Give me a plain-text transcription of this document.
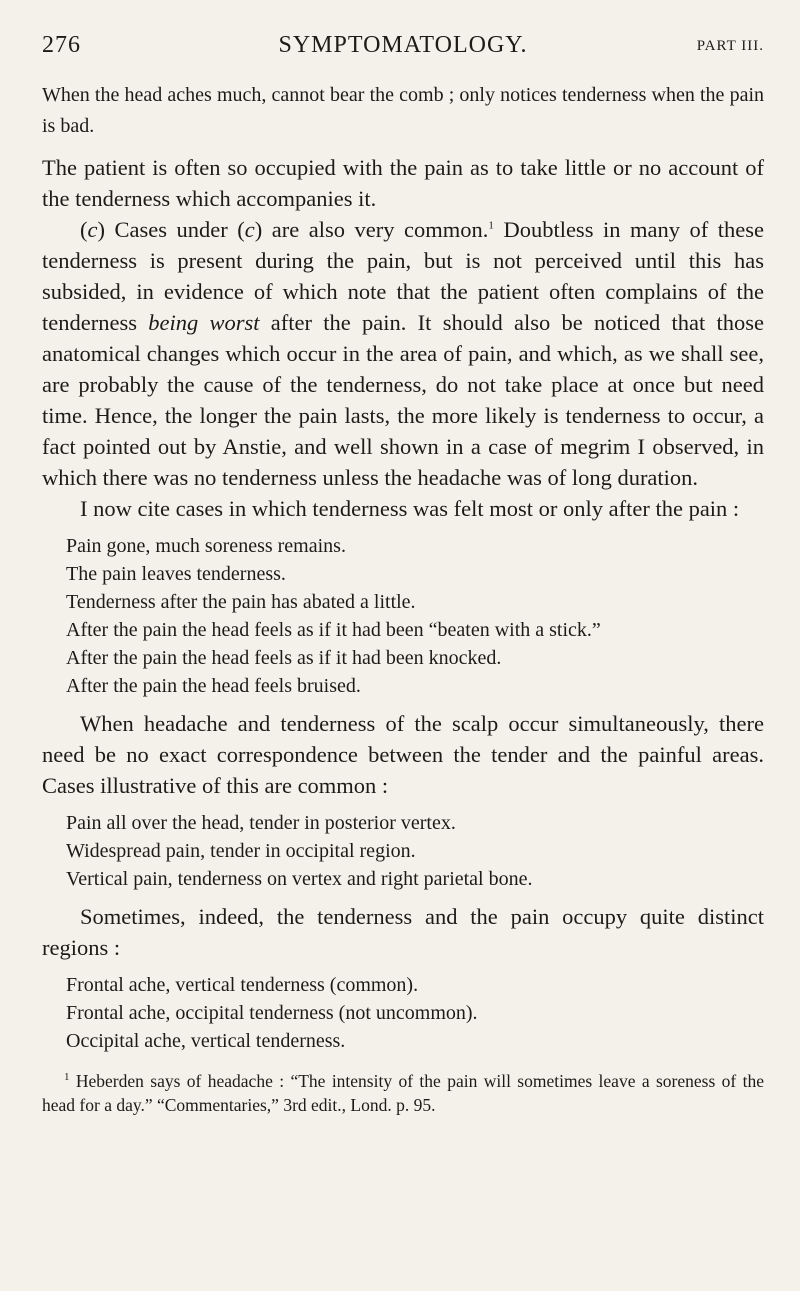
276	SYMPTOMATOLOGY.	PART III.

When the head aches much, cannot bear the comb ; only notices tenderness when the pain is bad.

The patient is often so occupied with the pain as to take little or no account of the tenderness which accompanies it.

(c) Cases under (c) are also very common.$^1$ Doubtless in many of these tenderness is present during the pain, but is not perceived until this has subsided, in evidence of which note that the patient often complains of the tenderness being worst after the pain. It should also be noticed that those anatomical changes which occur in the area of pain, and which, as we shall see, are probably the cause of the tenderness, do not take place at once but need time. Hence, the longer the pain lasts, the more likely is tenderness to occur, a fact pointed out by Anstie, and well shown in a case of megrim I observed, in which there was no tenderness unless the headache was of long duration.

I now cite cases in which tenderness was felt most or only after the pain :

Pain gone, much soreness remains.
The pain leaves tenderness.
Tenderness after the pain has abated a little.
After the pain the head feels as if it had been “beaten with a stick.”
After the pain the head feels as if it had been knocked.
After the pain the head feels bruised.

When headache and tenderness of the scalp occur simultaneously, there need be no exact correspondence between the tender and the painful areas. Cases illustrative of this are common :

Pain all over the head, tender in posterior vertex.
Widespread pain, tender in occipital region.
Vertical pain, tenderness on vertex and right parietal bone.

Sometimes, indeed, the tenderness and the pain occupy quite distinct regions :

Frontal ache, vertical tenderness (common).
Frontal ache, occipital tenderness (not uncommon).
Occipital ache, vertical tenderness.

$^1$ Heberden says of headache : “The intensity of the pain will sometimes leave a soreness of the head for a day.” “Commentaries,” 3rd edit., Lond. p. 95.
